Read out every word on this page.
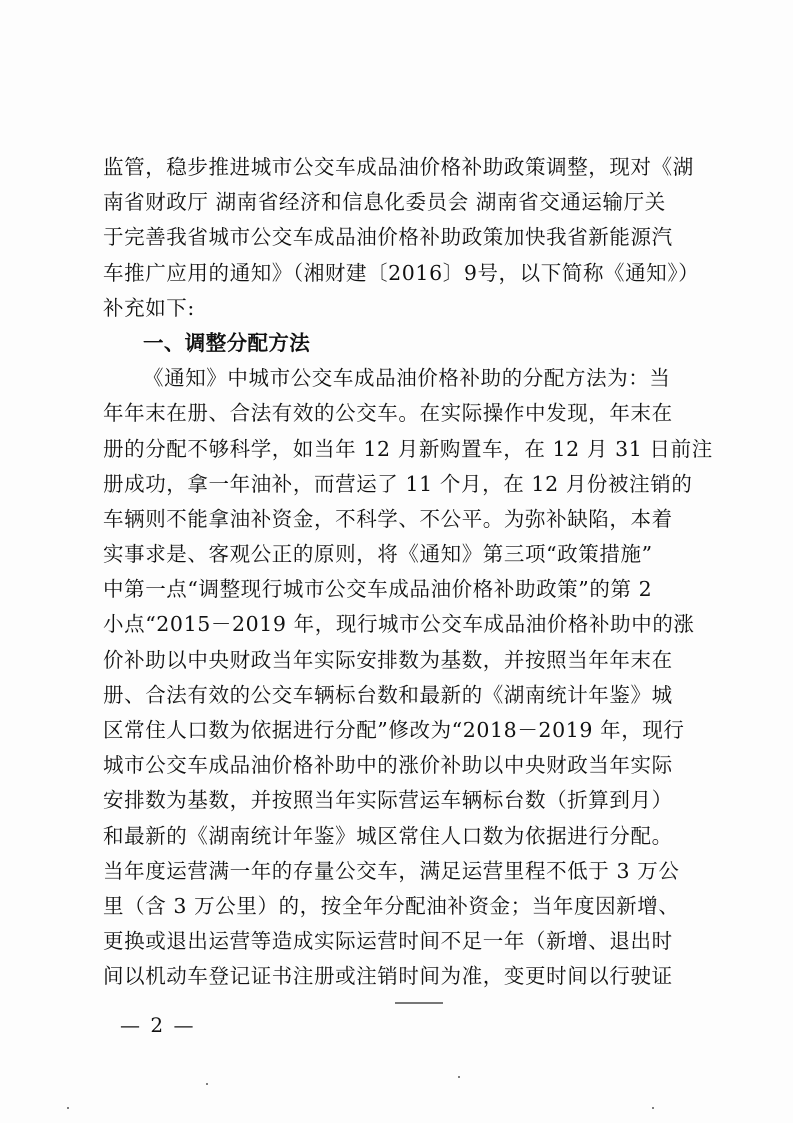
监管，稳步推进城市公交车成品油价格补助政策调整，现对《湖
南省财政厅 湖南省经济和信息化委员会 湖南省交通运输厅关
于完善我省城市公交车成品油价格补助政策加快我省新能源汽
车推广应用的通知》（湘财建〔2016〕9号，以下简称《通知》）
补充如下:
一、调整分配方法
《通知》中城市公交车成品油价格补助的分配方法为：当
年年末在册、合法有效的公交车。在实际操作中发现，年末在
册的分配不够科学，如当年 12 月新购置车，在 12 月 31 日前注
册成功，拿一年油补，而营运了 11 个月，在 12 月份被注销的
车辆则不能拿油补资金，不科学、不公平。为弥补缺陷，本着
实事求是、客观公正的原则，将《通知》第三项“政策措施”
中第一点“调整现行城市公交车成品油价格补助政策”的第 2
小点“2015－2019 年，现行城市公交车成品油价格补助中的涨
价补助以中央财政当年实际安排数为基数，并按照当年年末在
册、合法有效的公交车辆标台数和最新的《湖南统计年鉴》城
区常住人口数为依据进行分配”修改为“2018－2019 年，现行
城市公交车成品油价格补助中的涨价补助以中央财政当年实际
安排数为基数，并按照当年实际营运车辆标台数（折算到月）
和最新的《湖南统计年鉴》城区常住人口数为依据进行分配。
当年度运营满一年的存量公交车，满足运营里程不低于 3 万公
里（含 3 万公里）的，按全年分配油补资金；当年度因新增、
更换或退出运营等造成实际运营时间不足一年（新增、退出时
间以机动车登记证书注册或注销时间为准，变更时间以行驶证
— 2 —
